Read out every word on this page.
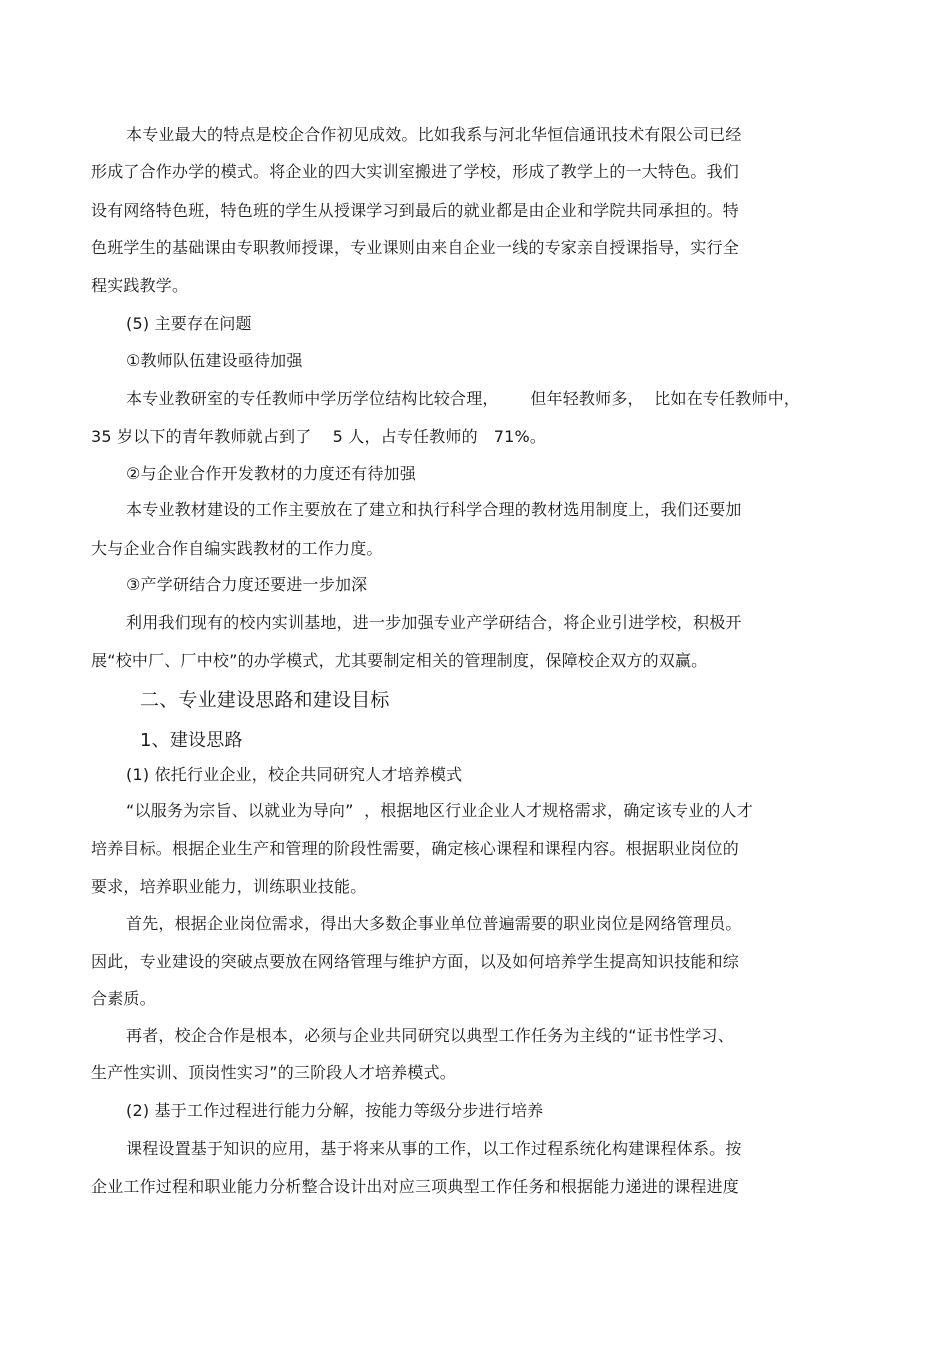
本专业最大的特点是校企合作初见成效。比如我系与河北华恒信通讯技术有限公司已经
形成了合作办学的模式。将企业的四大实训室搬进了学校，形成了教学上的一大特色。我们
设有网络特色班，特色班的学生从授课学习到最后的就业都是由企业和学院共同承担的。特
色班学生的基础课由专职教师授课，专业课则由来自企业一线的专家亲自授课指导，实行全
程实践教学。
(5) 主要存在问题
①教师队伍建设亟待加强
本专业教研室的专任教师中学历学位结构比较合理，      但年轻教师多，  比如在专任教师中，
35 岁以下的青年教师就占到了    5 人，占专任教师的   71%。
②与企业合作开发教材的力度还有待加强
本专业教材建设的工作主要放在了建立和执行科学合理的教材选用制度上，我们还要加
大与企业合作自编实践教材的工作力度。
③产学研结合力度还要进一步加深
利用我们现有的校内实训基地，进一步加强专业产学研结合，将企业引进学校，积极开
展“校中厂、厂中校”的办学模式，尤其要制定相关的管理制度，保障校企双方的双赢。
二、专业建设思路和建设目标
1、建设思路
(1) 依托行业企业，校企共同研究人才培养模式
“以服务为宗旨、以就业为导向”  ，根据地区行业企业人才规格需求，确定该专业的人才
培养目标。根据企业生产和管理的阶段性需要，确定核心课程和课程内容。根据职业岗位的
要求，培养职业能力，训练职业技能。
首先，根据企业岗位需求，得出大多数企事业单位普遍需要的职业岗位是网络管理员。
因此，专业建设的突破点要放在网络管理与维护方面，以及如何培养学生提高知识技能和综
合素质。
再者，校企合作是根本，必须与企业共同研究以典型工作任务为主线的“证书性学习、
生产性实训、顶岗性实习”的三阶段人才培养模式。
(2) 基于工作过程进行能力分解，按能力等级分步进行培养
课程设置基于知识的应用，基于将来从事的工作，以工作过程系统化构建课程体系。按
企业工作过程和职业能力分析整合设计出对应三项典型工作任务和根据能力递进的课程进度
